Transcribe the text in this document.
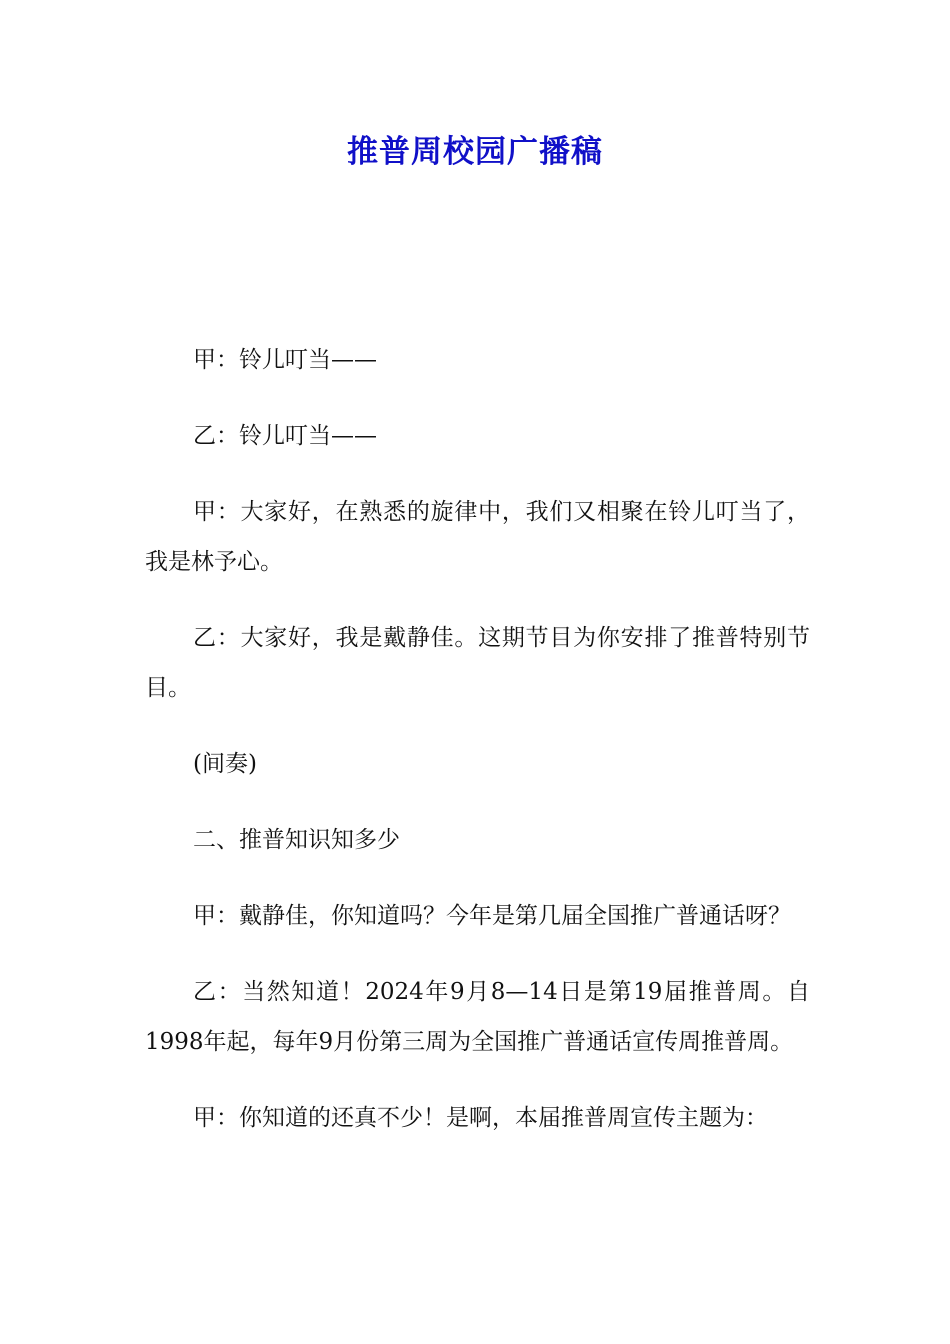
推普周校园广播稿

甲：铃儿叮当——

乙：铃儿叮当——

甲：大家好，在熟悉的旋律中，我们又相聚在铃儿叮当了，我是林予心。

乙：大家好，我是戴静佳。这期节目为你安排了推普特别节目。

(间奏)

二、推普知识知多少

甲：戴静佳，你知道吗？今年是第几届全国推广普通话呀？

乙：当然知道！2024年9月8—14日是第19届推普周。自1998年起，每年9月份第三周为全国推广普通话宣传周推普周。

甲：你知道的还真不少！是啊，本届推普周宣传主题为：
